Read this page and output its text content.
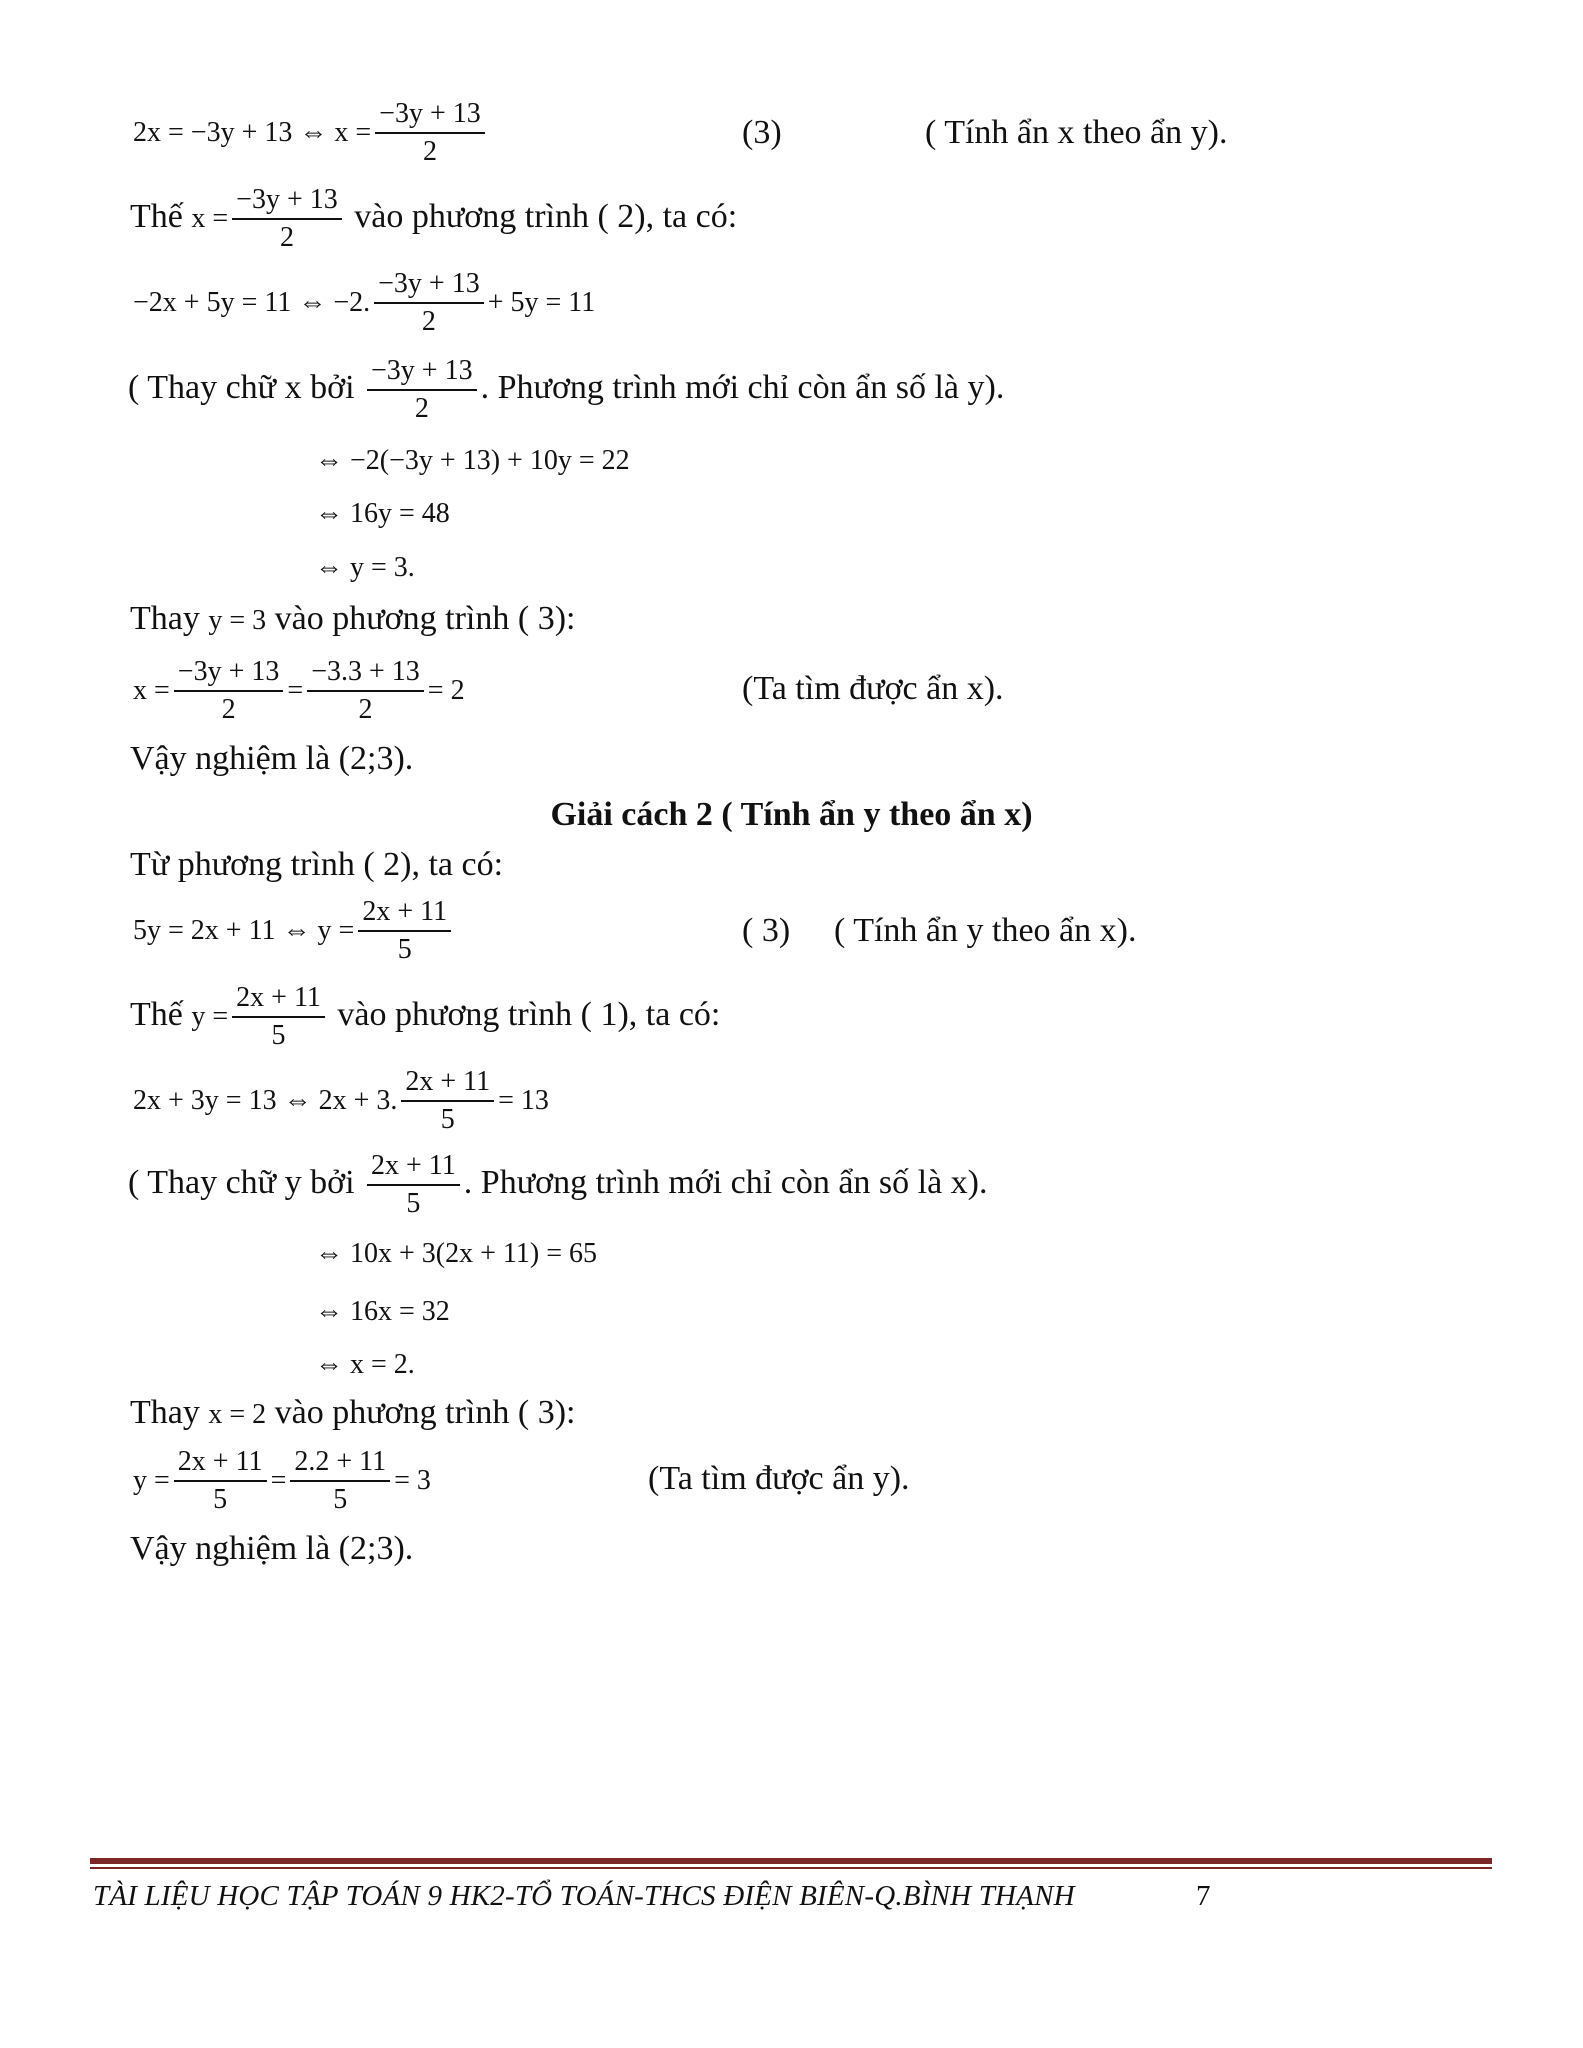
2x = −3y + 13 ⇔ $x = \frac{-3y + 13}{2}$	(3)	( Tính ẩn x theo ẩn y).
Thế $x = \frac{-3y + 13}{2}$ vào phương trình ( 2), ta có:
−2x + 5y = 11 ⇔ −2. $\frac{-3y + 13}{2} + 5y = 11$
( Thay chữ x bởi $\frac{-3y + 13}{2}$ . Phương trình mới chỉ còn ẩn số là y).
⇔ −2(−3y + 13) + 10y = 22
⇔ 16y = 48
⇔ y = 3.
Thay y = 3 vào phương trình ( 3):
$x = \frac{-3y + 13}{2} = \frac{-3.3 + 13}{2} = 2$	(Ta tìm được ẩn x).
Vậy nghiệm là (2;3).
Giải cách 2 ( Tính ẩn y theo ẩn x)
Từ phương trình ( 2), ta có:
5y = 2x + 11 ⇔ $y = \frac{2x + 11}{5}$	( 3) ( Tính ẩn y theo ẩn x).
Thế $y = \frac{2x + 11}{5}$ vào phương trình ( 1), ta có:
2x + 3y = 13 ⇔ 2x + 3. $\frac{2x + 11}{5} = 13$
( Thay chữ y bởi $\frac{2x + 11}{5}$ . Phương trình mới chỉ còn ẩn số là x).
⇔ 10x + 3(2x + 11) = 65
⇔ 16x = 32
⇔ x = 2.
Thay x = 2 vào phương trình ( 3):
$y = \frac{2x + 11}{5} = \frac{2.2 + 11}{5} = 3$	(Ta tìm được ẩn y).
Vậy nghiệm là (2;3).
TÀI LIỆU HỌC TẬP TOÁN 9 HK2-TỔ TOÁN-THCS ĐIỆN BIÊN-Q.BÌNH THẠNH	7
